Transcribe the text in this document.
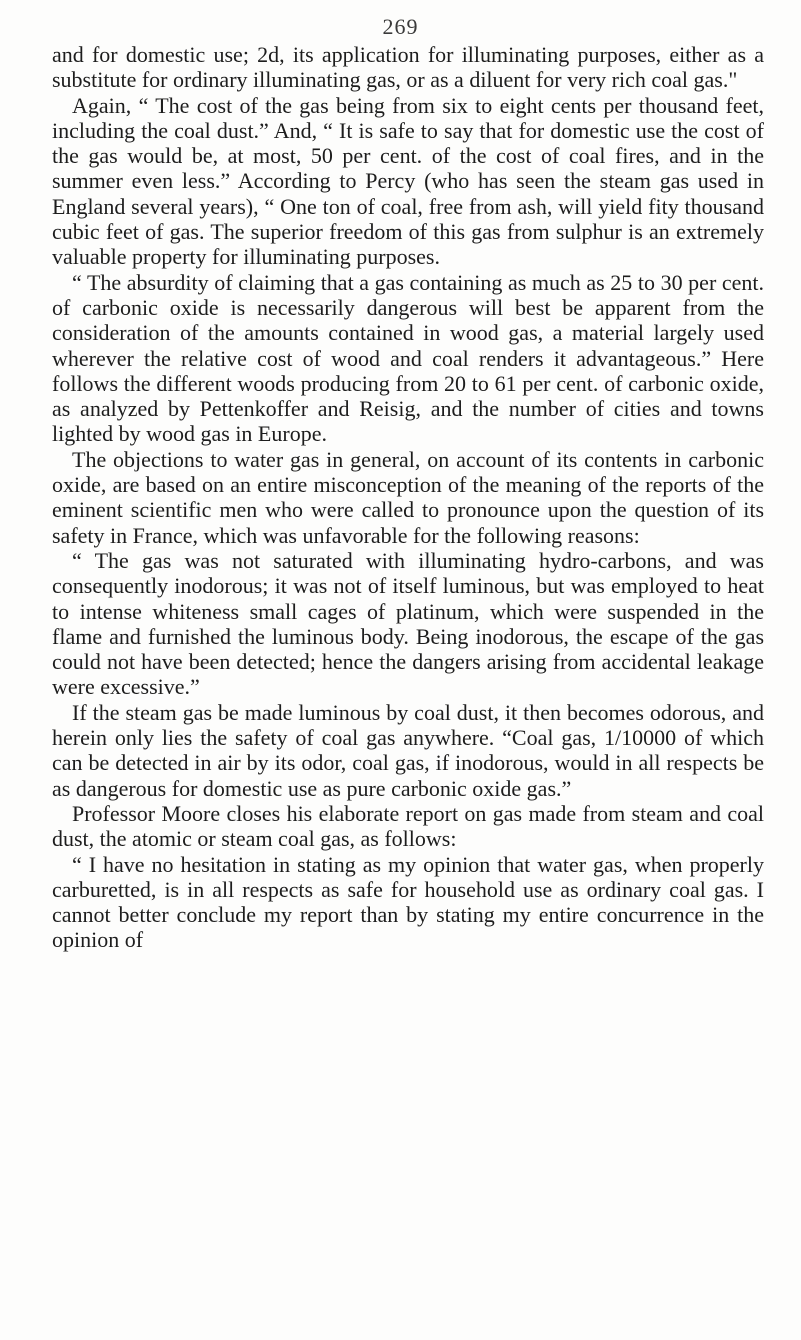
269

and for domestic use; 2d, its application for illuminating purposes, either as a substitute for ordinary illuminating gas, or as a diluent for very rich coal gas."

Again, “ The cost of the gas being from six to eight cents per thousand feet, including the coal dust.” And, “ It is safe to say that for domestic use the cost of the gas would be, at most, 50 per cent. of the cost of coal fires, and in the summer even less.” According to Percy (who has seen the steam gas used in England several years), “ One ton of coal, free from ash, will yield fity thousand cubic feet of gas. The superior freedom of this gas from sulphur is an extremely valuable property for illuminating purposes.

“ The absurdity of claiming that a gas containing as much as 25 to 30 per cent. of carbonic oxide is necessarily dangerous will best be apparent from the consideration of the amounts contained in wood gas, a material largely used wherever the relative cost of wood and coal renders it advantageous.” Here follows the different woods producing from 20 to 61 per cent. of carbonic oxide, as analyzed by Pettenkoffer and Reisig, and the number of cities and towns lighted by wood gas in Europe.

The objections to water gas in general, on account of its contents in carbonic oxide, are based on an entire misconception of the meaning of the reports of the eminent scientific men who were called to pronounce upon the question of its safety in France, which was unfavorable for the following reasons:

“ The gas was not saturated with illuminating hydro-carbons, and was consequently inodorous; it was not of itself luminous, but was employed to heat to intense whiteness small cages of platinum, which were suspended in the flame and furnished the luminous body. Being inodorous, the escape of the gas could not have been detected; hence the dangers arising from accidental leakage were excessive.”

If the steam gas be made luminous by coal dust, it then becomes odorous, and herein only lies the safety of coal gas anywhere. “Coal gas, 1/10000 of which can be detected in air by its odor, coal gas, if inodorous, would in all respects be as dangerous for domestic use as pure carbonic oxide gas.”

Professor Moore closes his elaborate report on gas made from steam and coal dust, the atomic or steam coal gas, as follows:

“ I have no hesitation in stating as my opinion that water gas, when properly carburetted, is in all respects as safe for household use as ordinary coal gas. I cannot better conclude my report than by stating my entire concurrence in the opinion of
